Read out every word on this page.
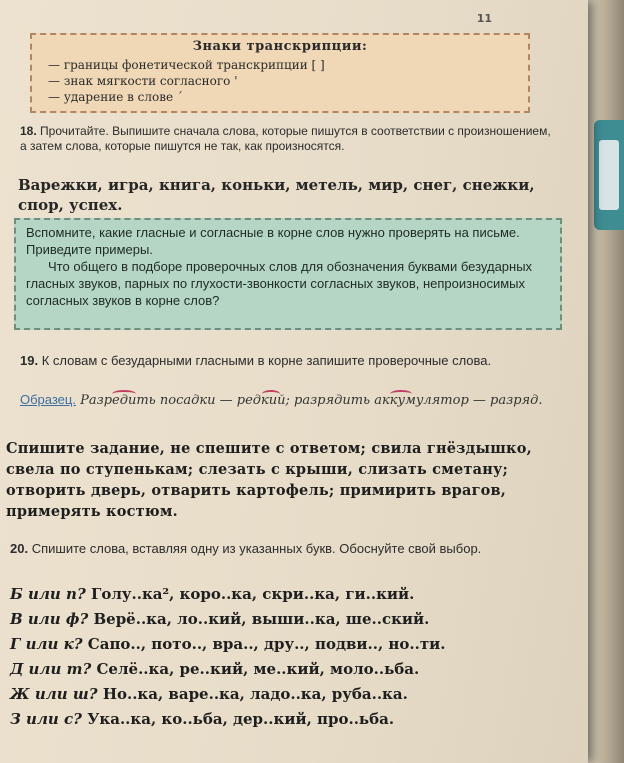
11
Знаки транскрипции:
— границы фонетической транскрипции [ ]
— знак мягкости согласного '
— ударение в слове ´
18. Прочитайте. Выпишите сначала слова, которые пишутся в соответствии с произношением, а затем слова, которые пишутся не так, как произносятся.
Варежки, игра, книга, коньки, метель, мир, снег, снежки, спор, успех.

Вспомните, какие гласные и согласные в корне слов нужно проверять на письме. Приведите примеры.

Что общего в подборе проверочных слов для обозначения буквами безударных гласных звуков, парных по глухости-звонкости согласных звуков, непроизносимых согласных звуков в корне слов?

19. К словам с безударными гласными в корне запишите проверочные слова.
Образец. Разредить посадки — редкий; разрядить аккумулятор — разряд.
Спишите задание, не спешите с ответом; свила гнёздышко, свела по ступенькам; слезать с крыши, слизать сметану; отворить дверь, отварить картофель; примирить врагов, примерять костюм.
20. Спишите слова, вставляя одну из указанных букв. Обоснуйте свой выбор.
Б или п? Голу..ка², коро..ка, скри..ка, ги..кий.
В или ф? Верё..ка, ло..кий, выши..ка, ше..ский.
Г или к? Сапо.., пото.., вра.., дру.., подви.., но..ти.
Д или т? Селё..ка, ре..кий, ме..кий, моло..ьба.
Ж или ш? Но..ка, варе..ка, ладо..ка, руба..ка.
З или с? Ука..ка, ко..ьба, дер..кий, про..ьба.
